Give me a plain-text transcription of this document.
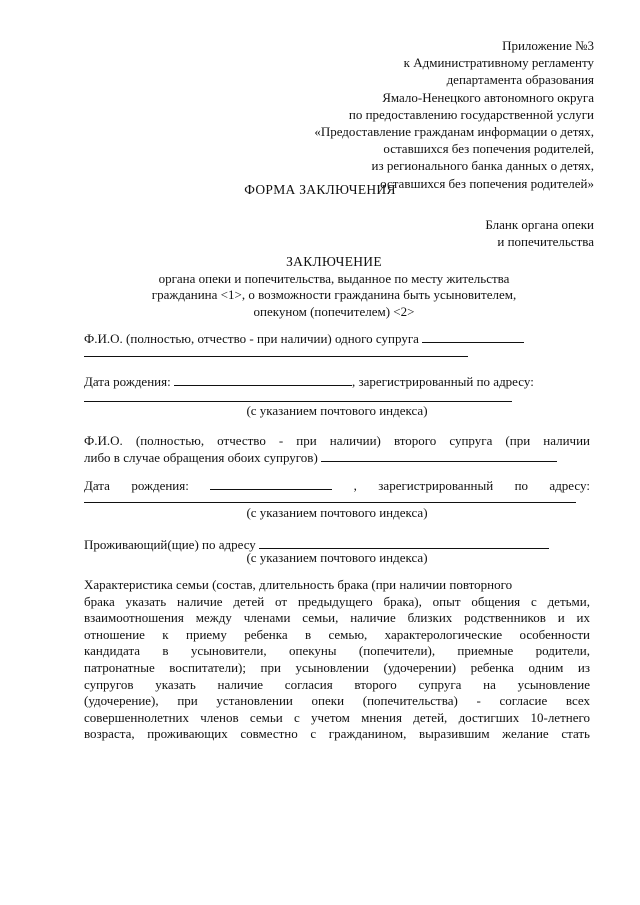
Приложение №3
к Административному регламенту
департамента образования
Ямало-Ненецкого автономного округа
по предоставлению государственной услуги
«Предоставление гражданам информации о детях,
оставшихся без попечения родителей,
из регионального банка данных о детях,
оставшихся без попечения родителей»
ФОРМА ЗАКЛЮЧЕНИЯ
Бланк органа опеки
и попечительства
ЗАКЛЮЧЕНИЕ
органа опеки и попечительства, выданное по месту жительства
гражданина <1>, о возможности гражданина быть усыновителем,
опекуном (попечителем) <2>
Ф.И.О. (полностью, отчество - при наличии) одного супруга
Дата рождения:	, зарегистрированный по адресу:
(с указанием почтового индекса)
Ф.И.О. (полностью, отчество - при наличии) второго супруга (при наличии
либо в случае обращения обоих супругов)
Дата рождения:	, зарегистрированный по адресу:
(с указанием почтового индекса)
Проживающий(щие) по адресу
(с указанием почтового индекса)
Характеристика семьи (состав, длительность брака (при наличии повторного
брака указать наличие детей от предыдущего брака), опыт общения с детьми,
взаимоотношения между членами семьи, наличие близких родственников и их
отношение к приему ребенка в семью, характерологические особенности
кандидата в усыновители, опекуны (попечители), приемные родители,
патронатные воспитатели); при усыновлении (удочерении) ребенка одним из
супругов указать наличие согласия второго супруга на усыновление
(удочерение), при установлении опеки (попечительства) - согласие всех
совершеннолетних членов семьи с учетом мнения детей, достигших 10-летнего
возраста, проживающих совместно с гражданином, выразившим желание стать
